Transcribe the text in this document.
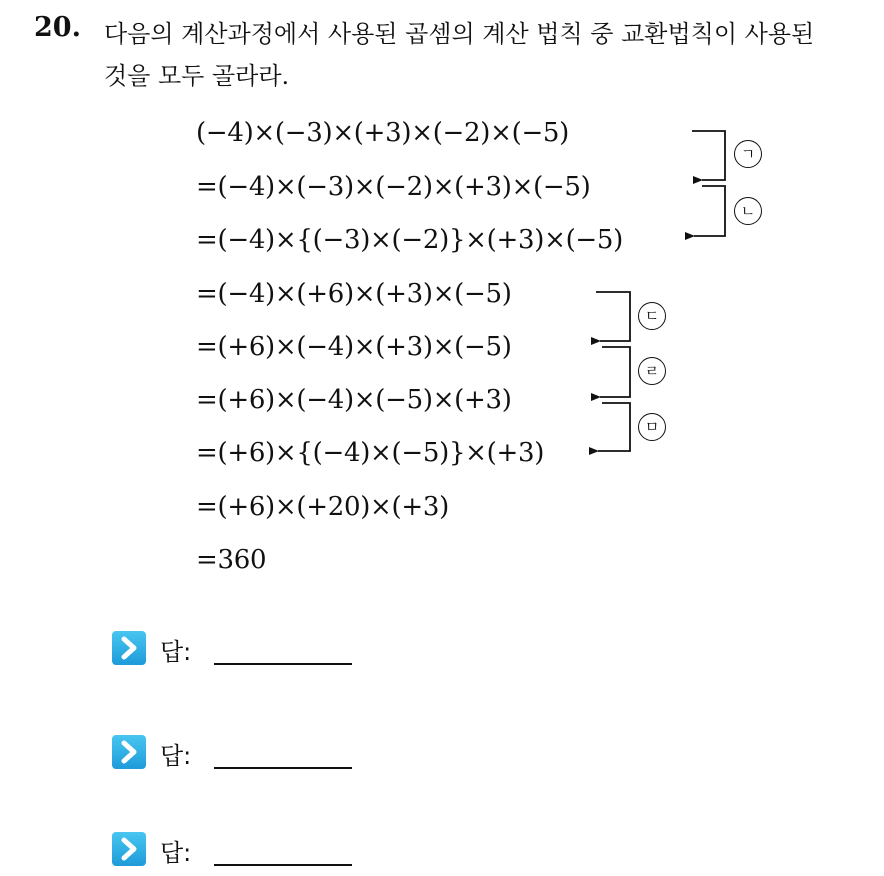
20. 다음의 계산과정에서 사용된 곱셈의 계산 법칙 중 교환법칙이 사용된
것을 모두 골라라.
(−4)×(−3)×(+3)×(−2)×(−5)
=(−4)×(−3)×(−2)×(+3)×(−5)
=(−4)×{(−3)×(−2)}×(+3)×(−5)
=(−4)×(+6)×(+3)×(−5)
=(+6)×(−4)×(+3)×(−5)
=(+6)×(−4)×(−5)×(+3)
=(+6)×{(−4)×(−5)}×(+3)
=(+6)×(+20)×(+3)
=360
ㄱ
ㄴ
ㄷ
ㄹ
ㅁ
답:
답:
답:
